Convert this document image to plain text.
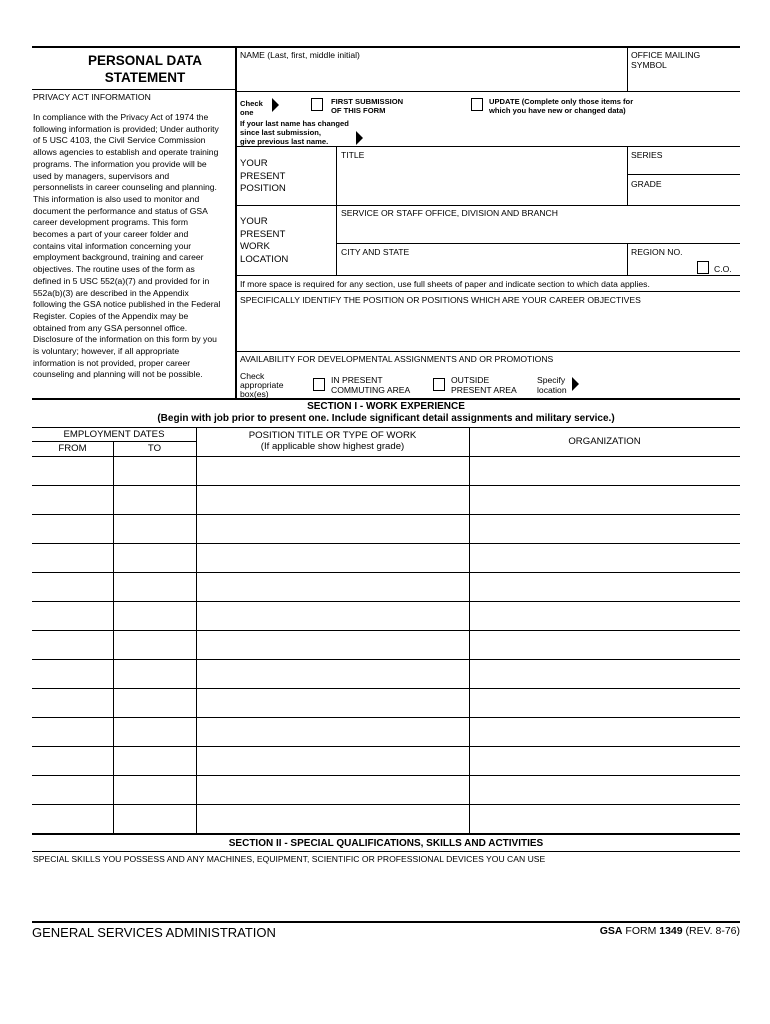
PERSONAL DATA
STATEMENT
PRIVACY ACT INFORMATION
In compliance with the Privacy Act of 1974 the
following information is provided; Under authority
of 5 USC 4103, the Civil Service Commission
allows agencies to establish and operate training
programs. The information you provide will be
used by managers, supervisors and
personnelists in career counseling and planning.
This information is also used to monitor and
document the performance and status of GSA
career development programs. This form
becomes a part of your career folder and
contains vital information concerning your
employment background, training and career
objectives. The routine uses of the form as
defined in 5 USC 552(a)(7) and provided for in
552a(b)(3) are described in the Appendix
following the GSA notice published in the Federal
Register. Copies of the Appendix may be
obtained from any GSA personnel office.
Disclosure of the information on this form by you
is voluntary; however, if all appropriate
information is not provided, proper career
counseling and planning will not be possible.
NAME (Last, first, middle initial)	OFFICE MAILING
SYMBOL
Check
one
FIRST SUBMISSION
OF THIS FORM
UPDATE (Complete only those items for
which you have new or changed data)
If your last name has changed
since last submission,
give previous last name.
YOUR
PRESENT
POSITION
TITLE	SERIES
GRADE
YOUR
PRESENT
WORK
LOCATION
SERVICE OR STAFF OFFICE, DIVISION AND BRANCH
CITY AND STATE	REGION NO.
C.O.
If more space is required for any section, use full sheets of paper and indicate section to which data applies.
SPECIFICALLY IDENTIFY THE POSITION OR POSITIONS WHICH ARE YOUR CAREER OBJECTIVES
AVAILABILITY FOR DEVELOPMENTAL ASSIGNMENTS AND OR PROMOTIONS
Check
appropriate
box(es)
IN PRESENT
COMMUTING AREA
OUTSIDE
PRESENT AREA
Specify
location
SECTION I - WORK EXPERIENCE
(Begin with job prior to present one. Include significant detail assignments and military service.)
EMPLOYMENT DATES
FROM	TO
POSITION TITLE OR TYPE OF WORK
(If applicable show highest grade)	ORGANIZATION
SECTION II - SPECIAL QUALIFICATIONS, SKILLS AND ACTIVITIES
SPECIAL SKILLS YOU POSSESS AND ANY MACHINES, EQUIPMENT, SCIENTIFIC OR PROFESSIONAL DEVICES YOU CAN USE
GENERAL SERVICES ADMINISTRATION	GSA FORM 1349 (REV. 8-76)
